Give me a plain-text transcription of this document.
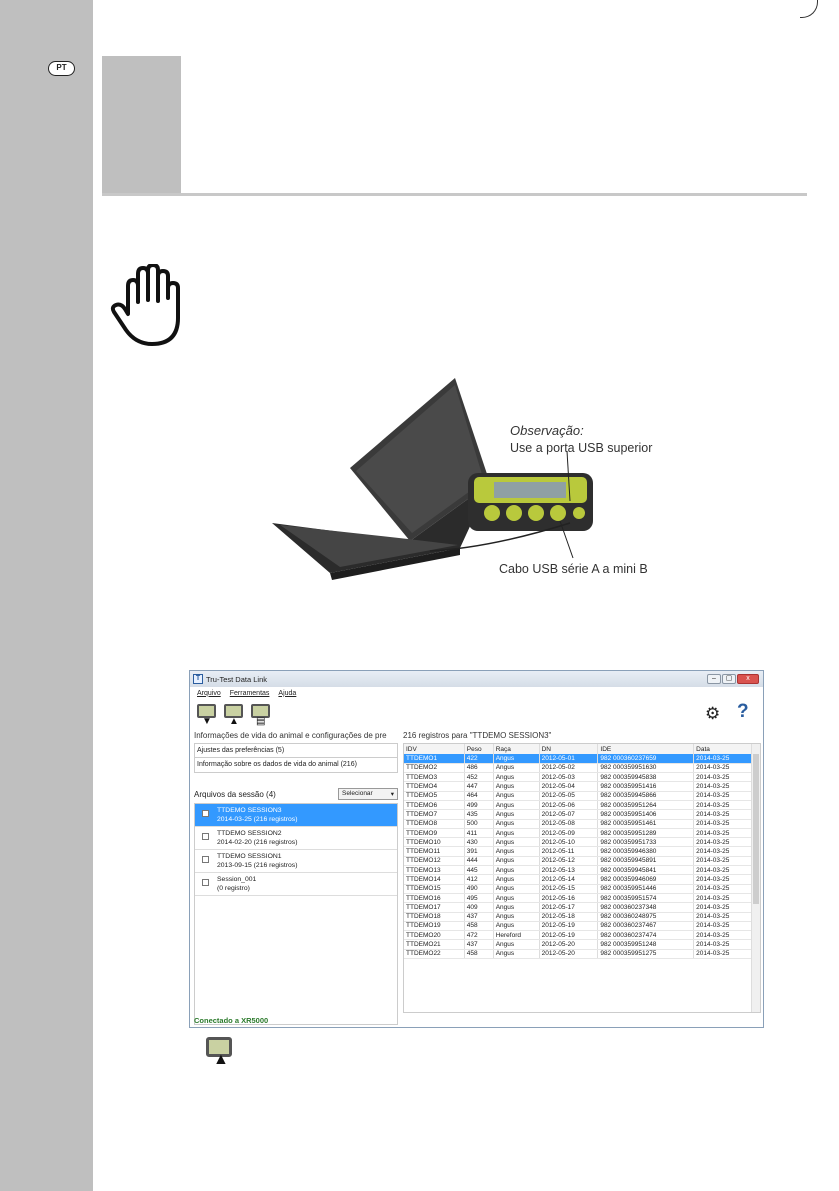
PT
Observação:
Use a porta USB superior
Cabo USB série A a mini B
T Tru-Test Data Link	–	▢	x
Arquivo Ferramentas Ajuda
▼ ▲ ▤	⚙ ?
Informações de vida do animal e configurações de pre
Ajustes das preferências (5)
Informação sobre os dados de vida do animal (216)
Arquivos da sessão (4)	Selecionar	▾
TTDEMO SESSION3
2014-03-25 (216 registros)
TTDEMO SESSION2
2014-02-20 (216 registros)
TTDEMO SESSION1
2013-09-15 (216 registros)
Session_001
(0 registro)
216 registros para "TTDEMO SESSION3"
IDV	Peso	Raça	DN	IDE	Data
TTDEMO1	422	Angus	2012-05-01	982 000360237659	2014-03-25
TTDEMO2	486	Angus	2012-05-02	982 000359951630	2014-03-25
TTDEMO3	452	Angus	2012-05-03	982 000359945838	2014-03-25
TTDEMO4	447	Angus	2012-05-04	982 000359951416	2014-03-25
TTDEMO5	464	Angus	2012-05-05	982 000359945866	2014-03-25
TTDEMO6	499	Angus	2012-05-06	982 000359951264	2014-03-25
TTDEMO7	435	Angus	2012-05-07	982 000359951406	2014-03-25
TTDEMO8	500	Angus	2012-05-08	982 000359951461	2014-03-25
TTDEMO9	411	Angus	2012-05-09	982 000359951289	2014-03-25
TTDEMO10	430	Angus	2012-05-10	982 000359951733	2014-03-25
TTDEMO11	391	Angus	2012-05-11	982 000359946380	2014-03-25
TTDEMO12	444	Angus	2012-05-12	982 000359945891	2014-03-25
TTDEMO13	445	Angus	2012-05-13	982 000359945841	2014-03-25
TTDEMO14	412	Angus	2012-05-14	982 000359946069	2014-03-25
TTDEMO15	490	Angus	2012-05-15	982 000359951446	2014-03-25
TTDEMO16	495	Angus	2012-05-16	982 000359951574	2014-03-25
TTDEMO17	409	Angus	2012-05-17	982 000360237348	2014-03-25
TTDEMO18	437	Angus	2012-05-18	982 000360248975	2014-03-25
TTDEMO19	458	Angus	2012-05-19	982 000360237467	2014-03-25
TTDEMO20	472	Hereford	2012-05-19	982 000360237474	2014-03-25
TTDEMO21	437	Angus	2012-05-20	982 000359951248	2014-03-25
TTDEMO22	458	Angus	2012-05-20	982 000359951275	2014-03-25
Conectado a XR5000
▲
